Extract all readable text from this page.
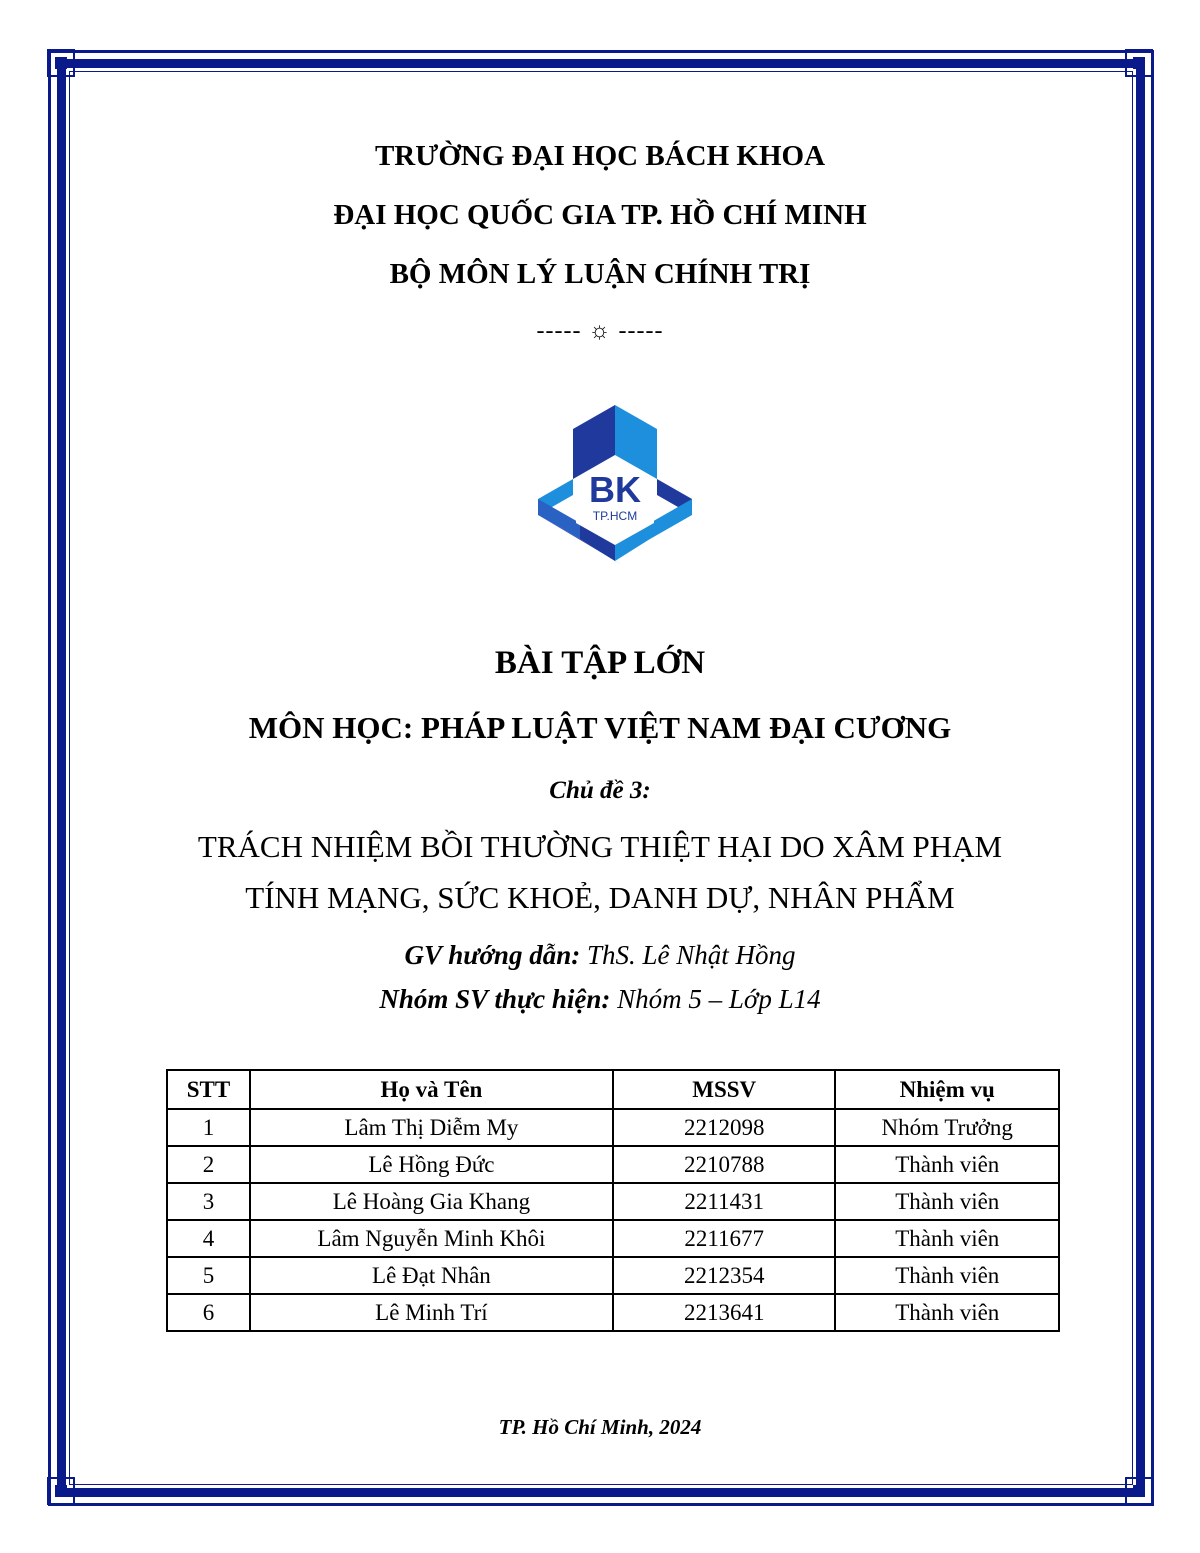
TRƯỜNG ĐẠI HỌC BÁCH KHOA
ĐẠI HỌC QUỐC GIA TP. HỒ CHÍ MINH
BỘ MÔN LÝ LUẬN CHÍNH TRỊ
----- ☼ -----
BK
TP.HCM
BÀI TẬP LỚN
MÔN HỌC: PHÁP LUẬT VIỆT NAM ĐẠI CƯƠNG
Chủ đề 3:
TRÁCH NHIỆM BỒI THƯỜNG THIỆT HẠI DO XÂM PHẠM
TÍNH MẠNG, SỨC KHOẺ, DANH DỰ, NHÂN PHẨM
GV hướng dẫn: ThS. Lê Nhật Hồng
Nhóm SV thực hiện: Nhóm 5 – Lớp L14
STT	Họ và Tên	MSSV	Nhiệm vụ
1	Lâm Thị Diễm My	2212098	Nhóm Trưởng
2	Lê Hồng Đức	2210788	Thành viên
3	Lê Hoàng Gia Khang	2211431	Thành viên
4	Lâm Nguyễn Minh Khôi	2211677	Thành viên
5	Lê Đạt Nhân	2212354	Thành viên
6	Lê Minh Trí	2213641	Thành viên
TP. Hồ Chí Minh, 2024
